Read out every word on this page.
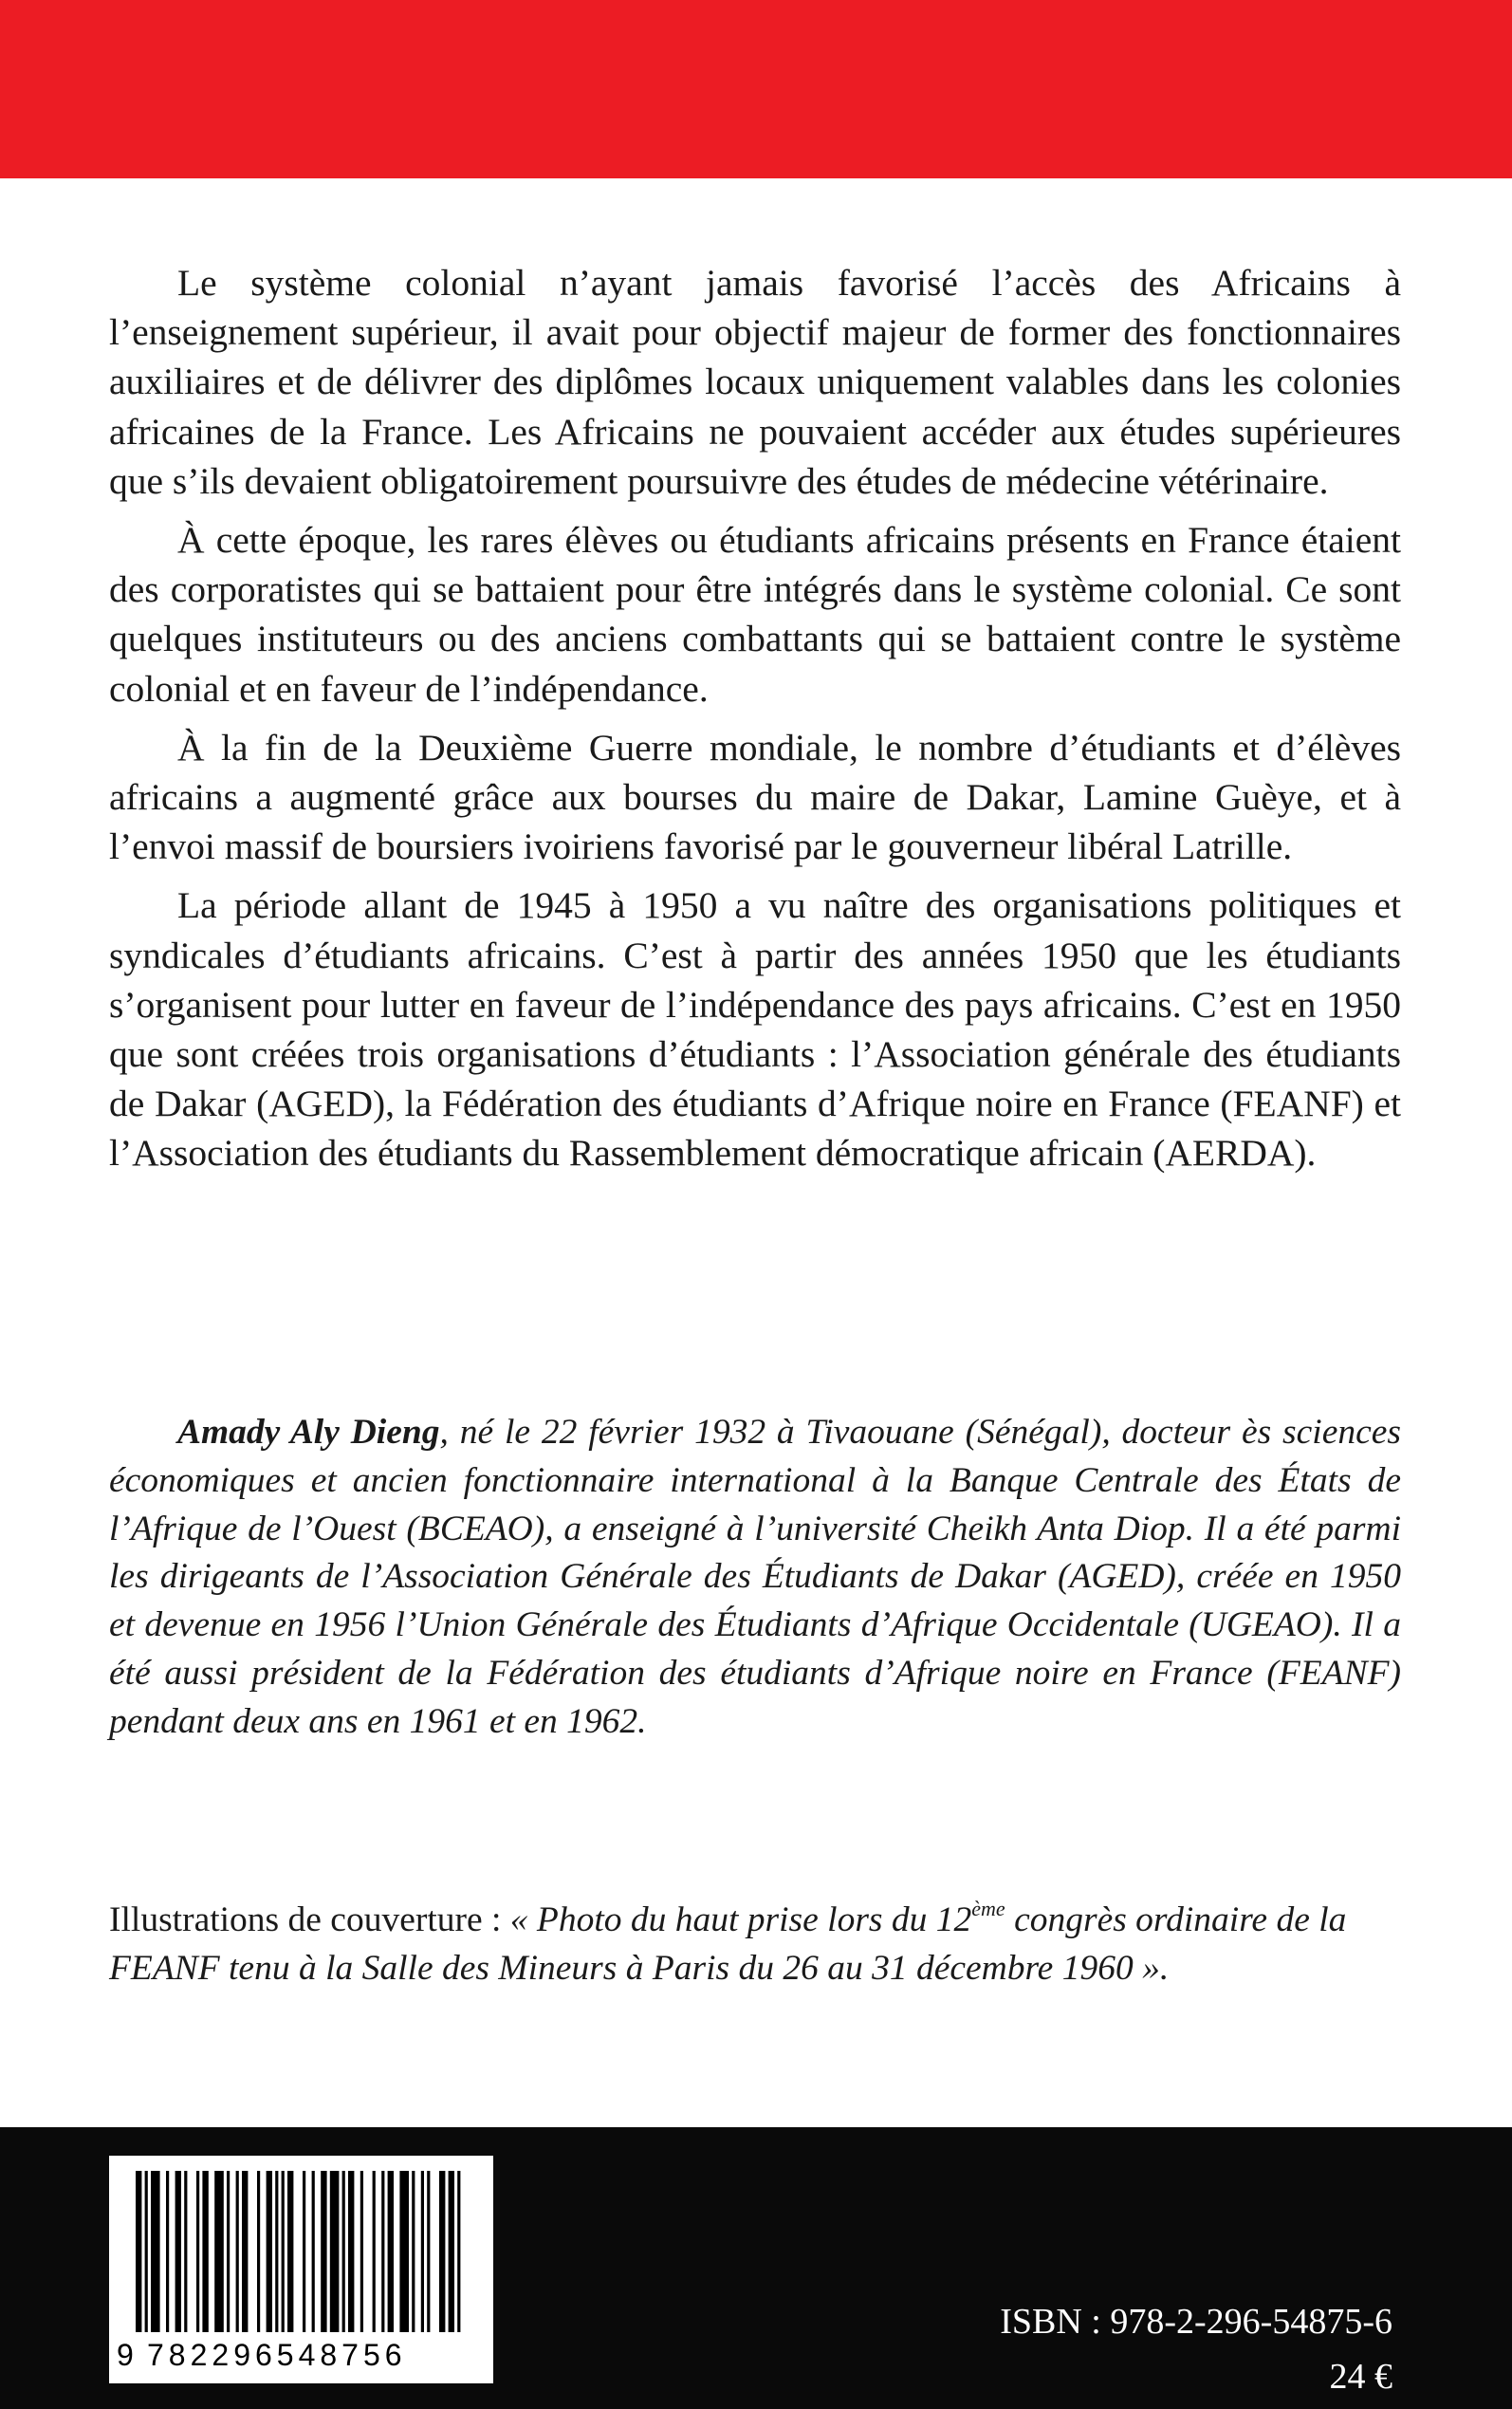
Le système colonial n’ayant jamais favorisé l’accès des Africains à l’enseignement supérieur, il avait pour objectif majeur de former des fonctionnaires auxiliaires et de délivrer des diplômes locaux uniquement valables dans les colonies africaines de la France. Les Africains ne pouvaient accéder aux études supérieures que s’ils devaient obligatoirement poursuivre des études de médecine vétérinaire.

À cette époque, les rares élèves ou étudiants africains présents en France étaient des corporatistes qui se battaient pour être intégrés dans le système colonial. Ce sont quelques instituteurs ou des anciens combattants qui se battaient contre le système colonial et en faveur de l’indépendance.

À la fin de la Deuxième Guerre mondiale, le nombre d’étudiants et d’élèves africains a augmenté grâce aux bourses du maire de Dakar, Lamine Guèye, et à l’envoi massif de boursiers ivoiriens favorisé par le gouverneur libéral Latrille.

La période allant de 1945 à 1950 a vu naître des organisations politiques et syndicales d’étudiants africains. C’est à partir des années 1950 que les étudiants s’organisent pour lutter en faveur de l’indépendance des pays africains. C’est en 1950 que sont créées trois organisations d’étudiants : l’Association générale des étudiants de Dakar (AGED), la Fédération des étudiants d’Afrique noire en France (FEANF) et l’Association des étudiants du Rassemblement démocratique africain (AERDA).

Amady Aly Dieng, né le 22 février 1932 à Tivaouane (Sénégal), docteur ès sciences économiques et ancien fonctionnaire international à la Banque Centrale des États de l’Afrique de l’Ouest (BCEAO), a enseigné à l’université Cheikh Anta Diop. Il a été parmi les dirigeants de l’Association Générale des Étudiants de Dakar (AGED), créée en 1950 et devenue en 1956 l’Union Générale des Étudiants d’Afrique Occidentale (UGEAO). Il a été aussi président de la Fédération des étudiants d’Afrique noire en France (FEANF) pendant deux ans en 1961 et en 1962.

Illustrations de couverture : « Photo du haut prise lors du 12ème congrès ordinaire de la FEANF tenu à la Salle des Mineurs à Paris du 26 au 31 décembre 1960 ».

9 782296548756
ISBN : 978-2-296-54875-6
24 €
